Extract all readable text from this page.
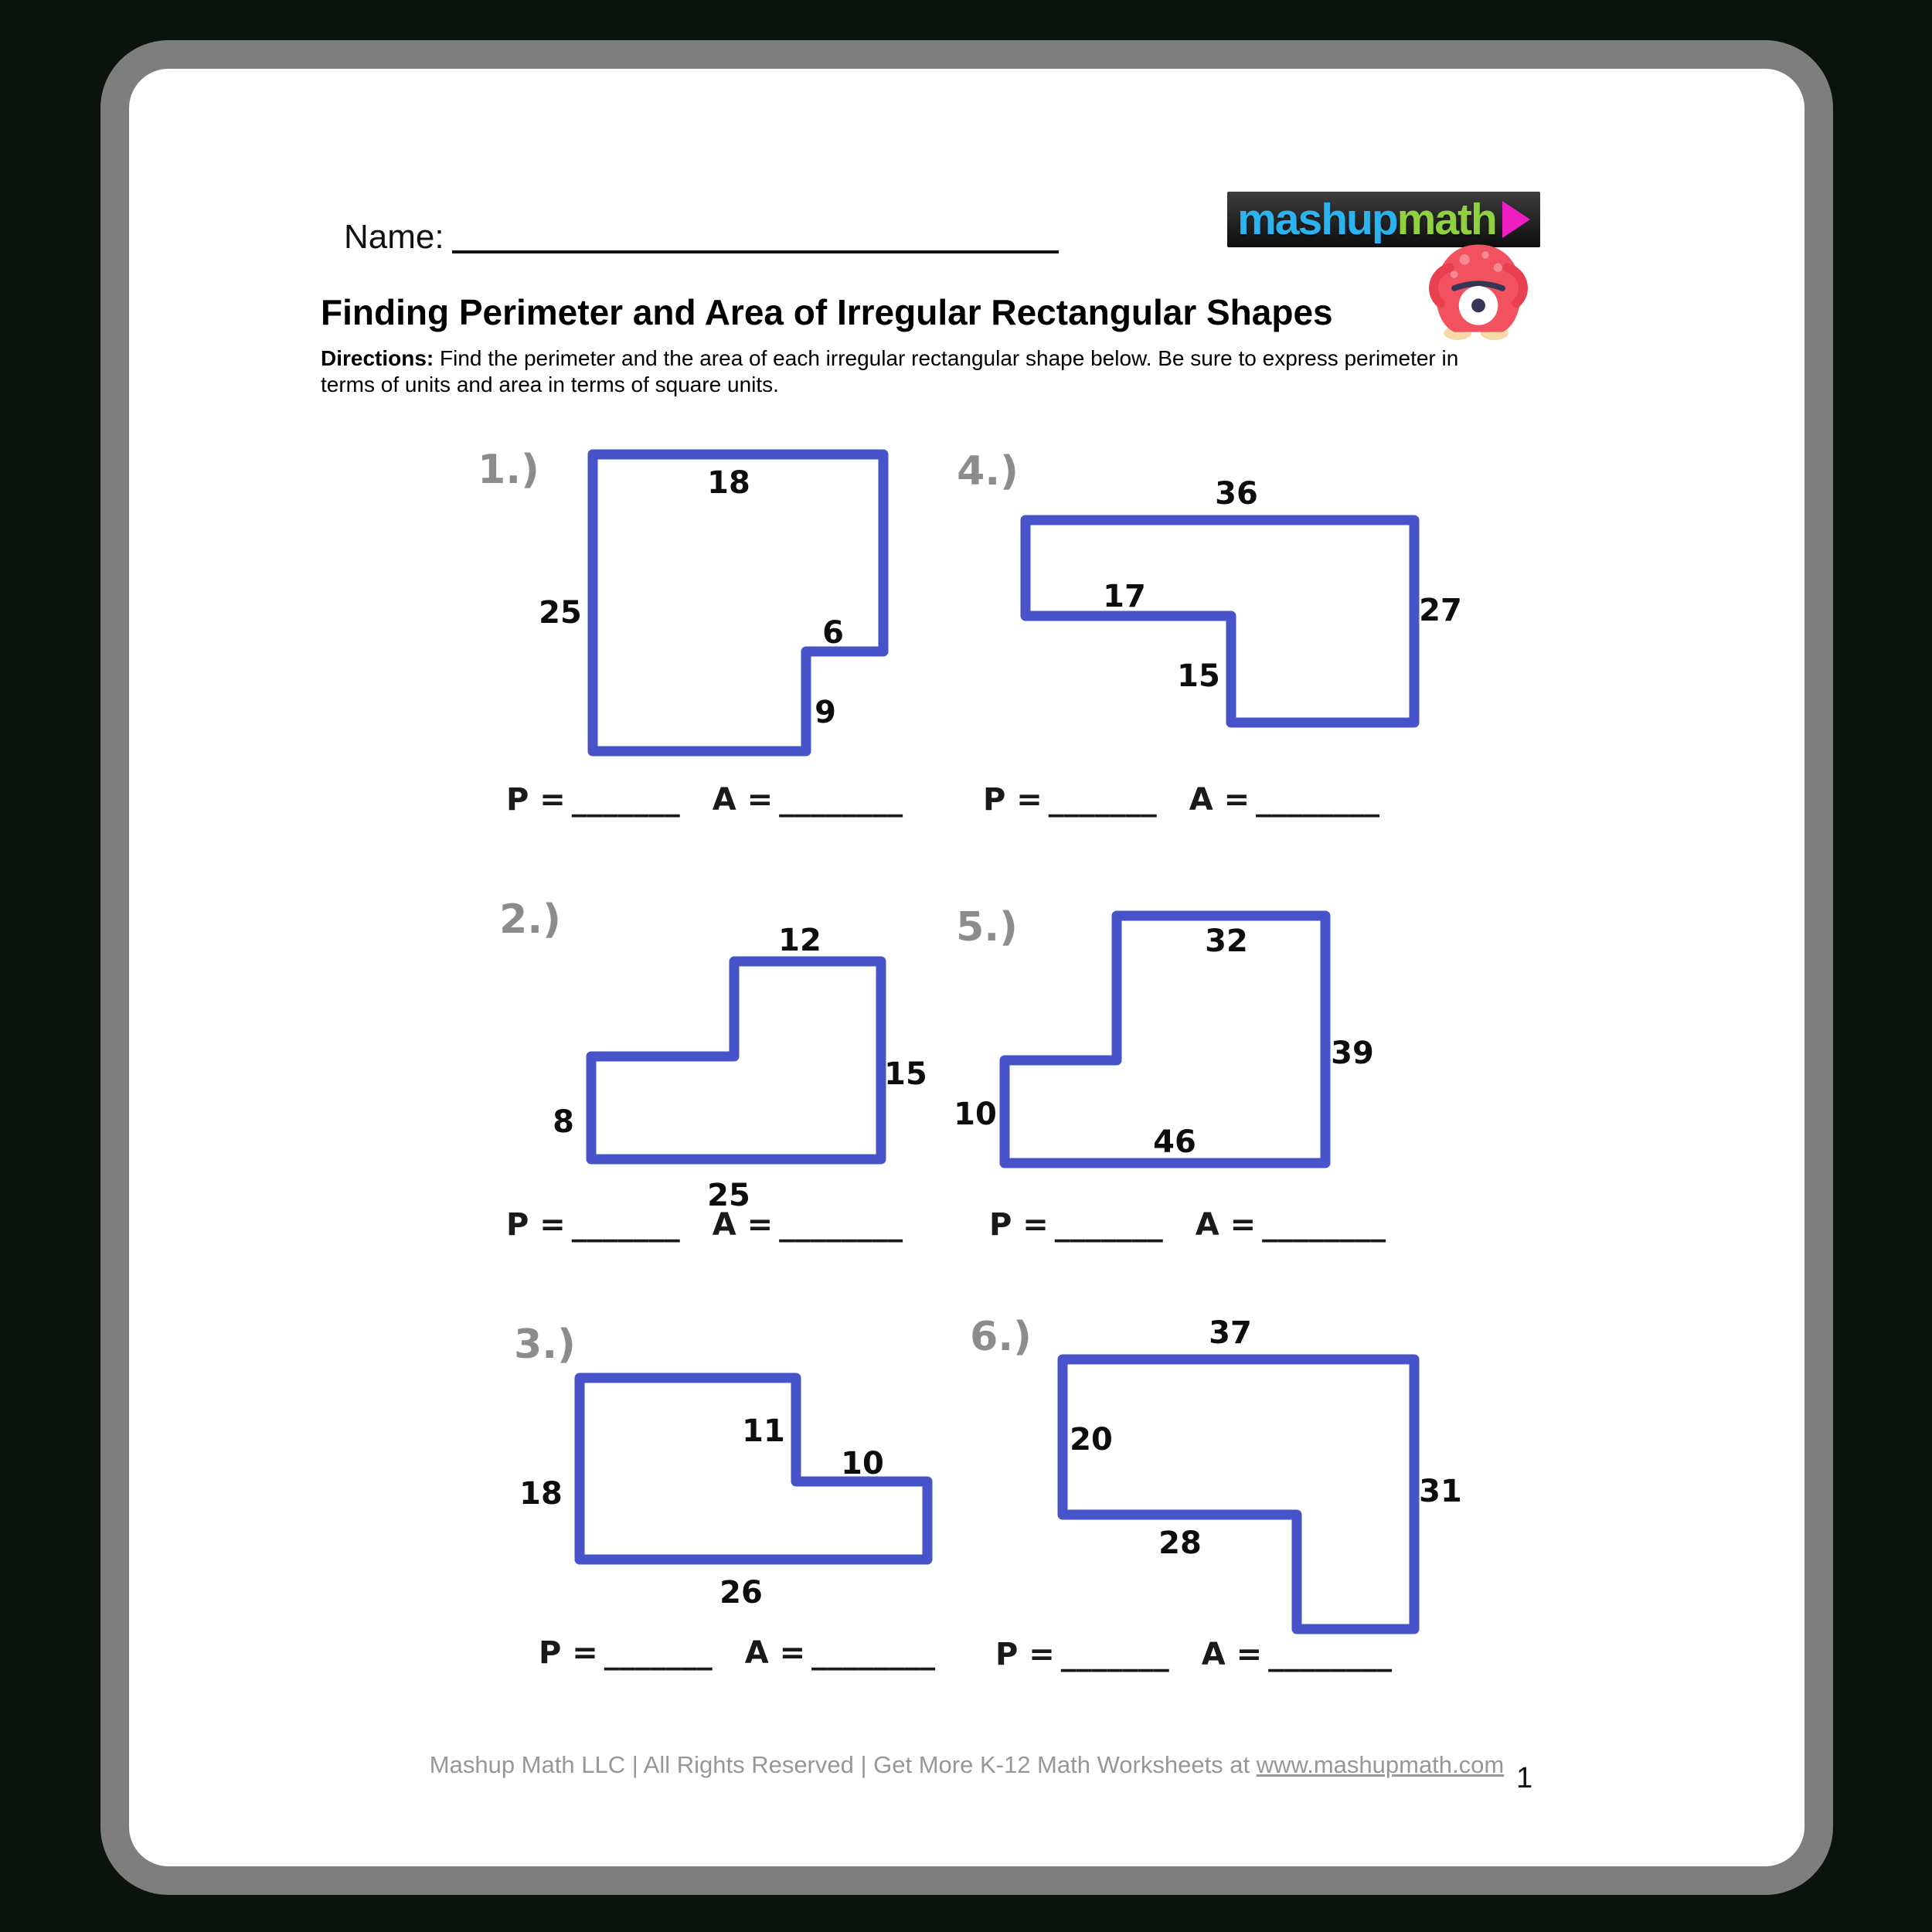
Name:	mashup math
Finding Perimeter and Area of Irregular Rectangular Shapes
Directions: Find the perimeter and the area of each irregular rectangular shape below. Be sure to express perimeter in terms of units and area in terms of square units.
1.)
2.)
3.)
4.)
5.)
6.)
18
25
6
9
12
15
8
25
11
10
18
26
36
17	27
15
32
39
10
46
37
20
31
28
P = _______ A = ________	P = _______ A = ________
P = _______ A = ________	P = _______ A = ________
P = _______ A = ________ P = _______ A = ________
Mashup Math LLC | All Rights Reserved | Get More K-12 Math Worksheets at www.mashupmath.com 1
